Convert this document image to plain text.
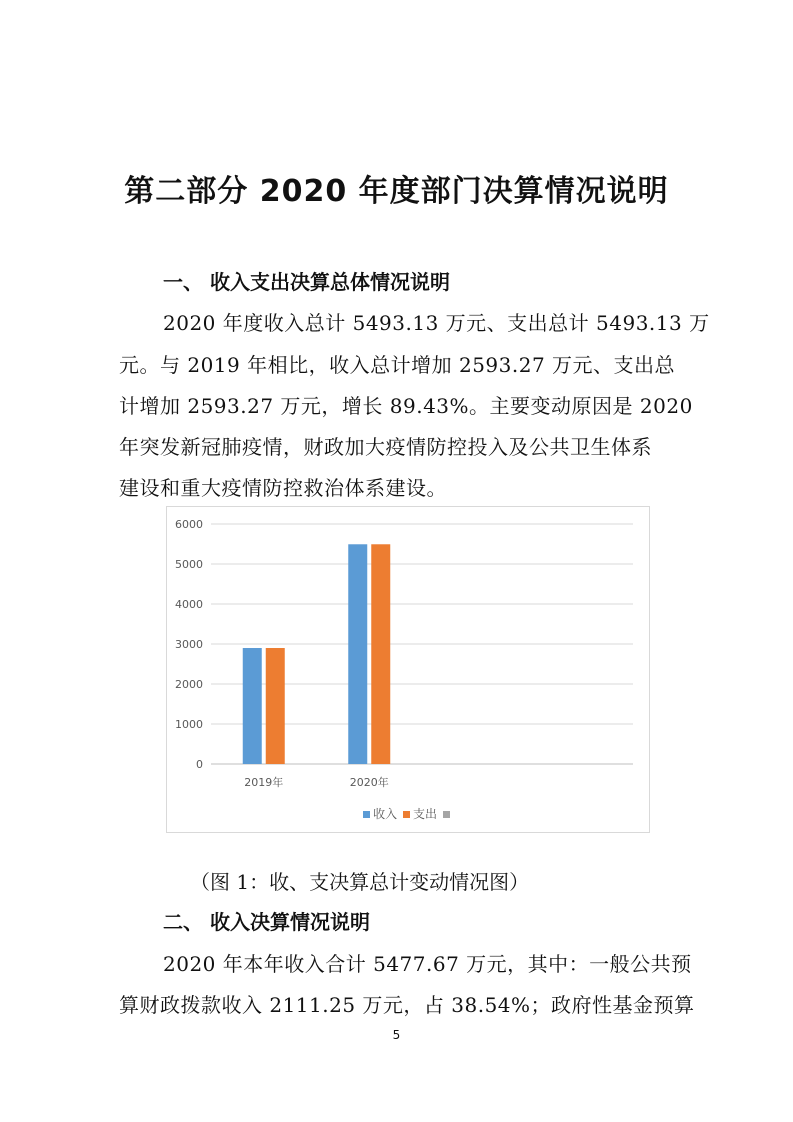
第二部分 2020 年度部门决算情况说明
一、 收入支出决算总体情况说明
2020 年度收入总计 5493.13 万元、支出总计 5493.13 万
元。与 2019 年相比，收入总计增加 2593.27 万元、支出总
计增加 2593.27 万元，增长 89.43%。主要变动原因是 2020
年突发新冠肺疫情，财政加大疫情防控投入及公共卫生体系
建设和重大疫情防控救治体系建设。
0
1000
2000
3000
4000
5000
6000
2019年	2020年
收入 支出
（图 1：收、支决算总计变动情况图）
二、 收入决算情况说明
2020 年本年收入合计 5477.67 万元，其中：一般公共预
算财政拨款收入 2111.25 万元，占 38.54%；政府性基金预算
5
